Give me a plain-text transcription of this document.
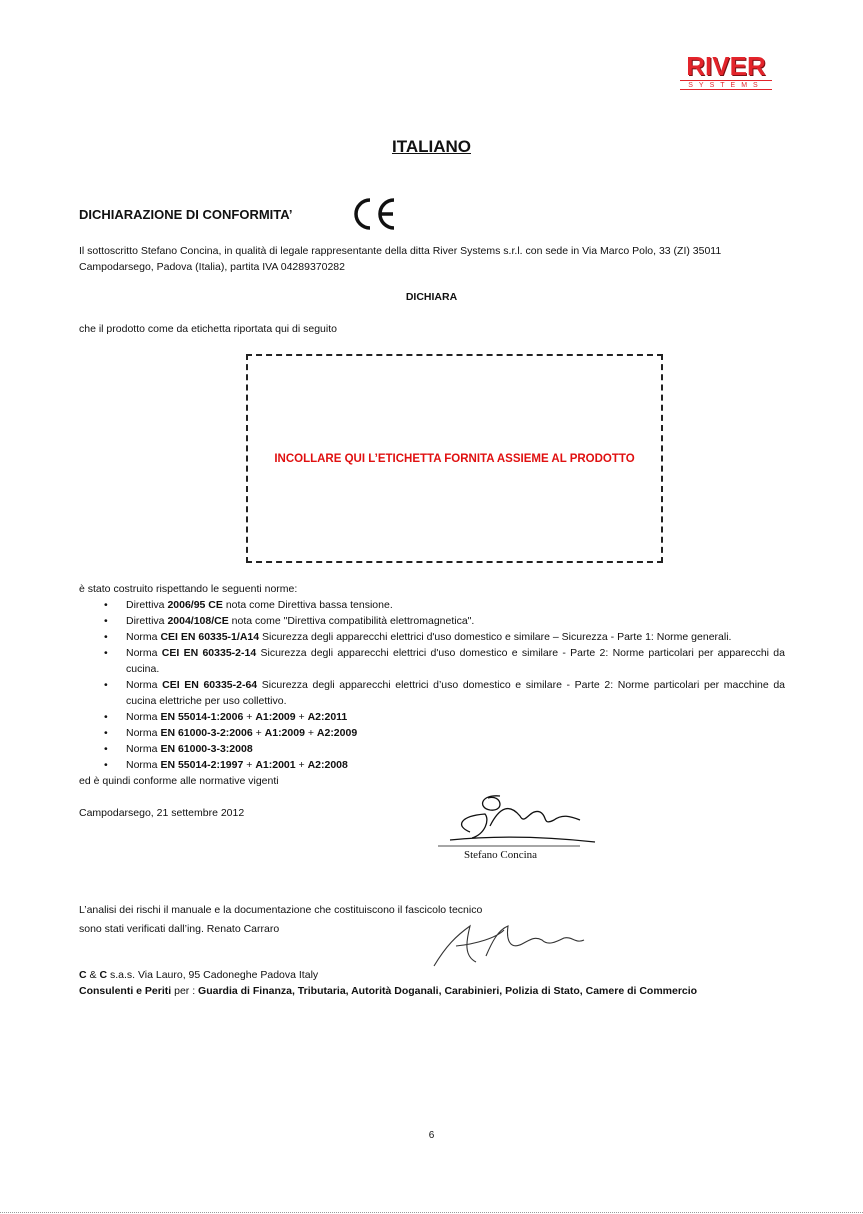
RIVER
SYSTEMS
ITALIANO
DICHIARAZIONE DI CONFORMITA’
Il sottoscritto Stefano Concina, in qualità di legale rappresentante della ditta River Systems s.r.l. con sede in Via Marco Polo, 33 (ZI) 35011
Campodarsego, Padova (Italia), partita IVA 04289370282
DICHIARA
che il prodotto come da etichetta riportata qui di seguito
INCOLLARE QUI L’ETICHETTA FORNITA ASSIEME AL PRODOTTO
è stato costruito rispettando le seguenti norme:
• Direttiva 2006/95 CE nota come Direttiva bassa tensione.
• Direttiva 2004/108/CE nota come "Direttiva compatibilità elettromagnetica".
• Norma CEI EN 60335-1/A14 Sicurezza degli apparecchi elettrici d'uso domestico e similare – Sicurezza - Parte 1: Norme generali.
• Norma CEI EN 60335-2-14 Sicurezza degli apparecchi elettrici d'uso domestico e similare - Parte 2: Norme particolari per apparecchi da cucina.
• Norma CEI EN 60335-2-64 Sicurezza degli apparecchi elettrici d’uso domestico e similare - Parte 2: Norme particolari per macchine da cucina elettriche per uso collettivo.
• Norma EN 55014-1:2006 + A1:2009 + A2:2011
• Norma EN 61000-3-2:2006 + A1:2009 + A2:2009
• Norma EN 61000-3-3:2008
• Norma EN 55014-2:1997 + A1:2001 + A2:2008
ed è quindi conforme alle normative vigenti
Campodarsego, 21 settembre 2012
Stefano Concina
L’analisi dei rischi il manuale e la documentazione che costituiscono il fascicolo tecnico
sono stati verificati dall’ing. Renato Carraro
C & C s.a.s. Via Lauro, 95 Cadoneghe Padova Italy
Consulenti e Periti per : Guardia di Finanza, Tributaria, Autorità Doganali, Carabinieri, Polizia di Stato, Camere di Commercio
6
